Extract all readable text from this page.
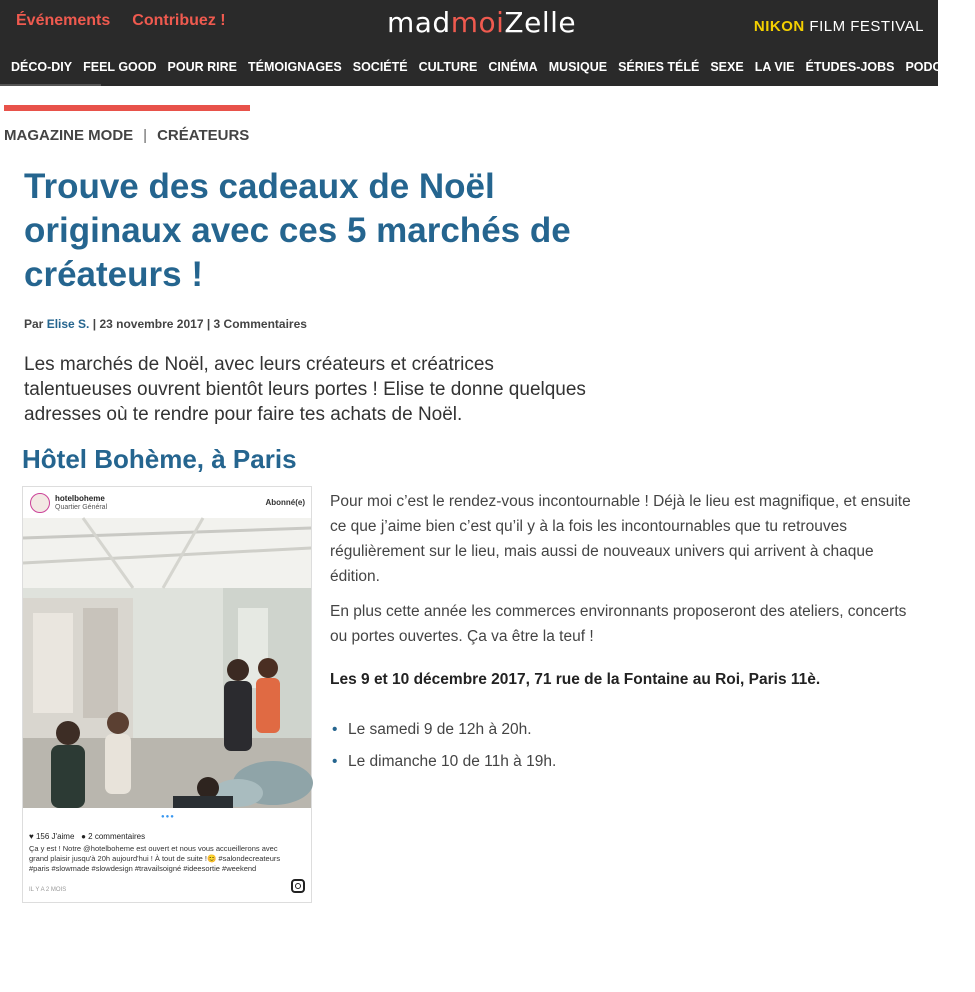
Événements Contribuez !	madmoiZelle	NIKON FILM FESTIVAL
DÉCO-DIY FEEL GOOD POUR RIRE TÉMOIGNAGES SOCIÉTÉ CULTURE CINÉMA MUSIQUE SÉRIES TÉLÉ SEXE LA VIE ÉTUDES-JOBS PODCASTS
MAGAZINE MODE | CRÉATEURS
Trouve des cadeaux de Noël originaux avec ces 5 marchés de créateurs !
Par Elise S. | 23 novembre 2017 | 3 Commentaires
Les marchés de Noël, avec leurs créateurs et créatrices talentueuses ouvrent bientôt leurs portes ! Elise te donne quelques adresses où te rendre pour faire tes achats de Noël.
Hôtel Bohème, à Paris
hotelboheme
Quartier Général
Abonné(e)
●●●
♥ 156 J'aime ● 2 commentaires
Ça y est ! Notre @hotelboheme est ouvert et nous vous accueillerons avec grand plaisir jusqu'à 20h aujourd'hui ! À tout de suite !😊 #salondecreateurs #paris #slowmade #slowdesign #travailsoigné #ideesortie #weekend
IL Y A 2 MOIS

Pour moi c’est le rendez-vous incontournable ! Déjà le lieu est magnifique, et ensuite ce que j’aime bien c’est qu’il y à la fois les incontournables que tu retrouves régulièrement sur le lieu, mais aussi de nouveaux univers qui arrivent à chaque édition.

En plus cette année les commerces environnants proposeront des ateliers, concerts ou portes ouvertes. Ça va être la teuf !

Les 9 et 10 décembre 2017, 71 rue de la Fontaine au Roi, Paris 11è.

• Le samedi 9 de 12h à 20h.
• Le dimanche 10 de 11h à 19h.
